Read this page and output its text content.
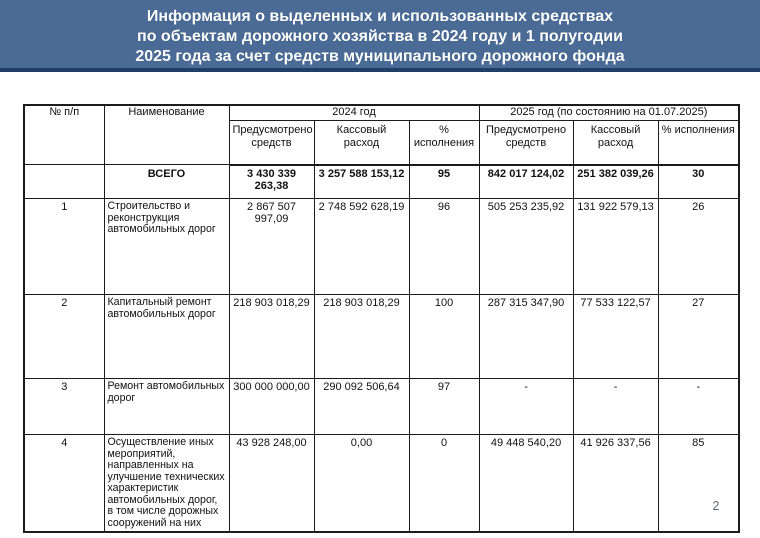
Информация о выделенных и использованных средствах
по объектам дорожного хозяйства в 2024 году и 1 полугодии
2025 года за счет средств муниципального дорожного фонда
№ п/п	Наименование	2024 год			2025 год (по состоянию на 01.07.2025)		
		Предусмотрено средств	Кассовый расход	% исполнения	Предусмотрено средств	Кассовый расход	% исполнения
	ВСЕГО	3 430 339 263,38	3 257 588 153,12	95	842 017 124,02	251 382 039,26	30
1	Строительство и реконструкция автомобильных дорог	2 867 507 997,09	2 748 592 628,19	96	505 253 235,92	131 922 579,13	26
2	Капитальный ремонт автомобильных дорог	218 903 018,29	218 903 018,29	100	287 315 347,90	77 533 122,57	27
3	Ремонт автомобильных дорог	300 000 000,00	290 092 506,64	97	-	-	-
4	Осуществление иных мероприятий, направленных на улучшение технических характеристик автомобильных дорог, в том числе дорожных сооружений на них	43 928 248,00	0,00	0	49 448 540,20	41 926 337,56	85
2
